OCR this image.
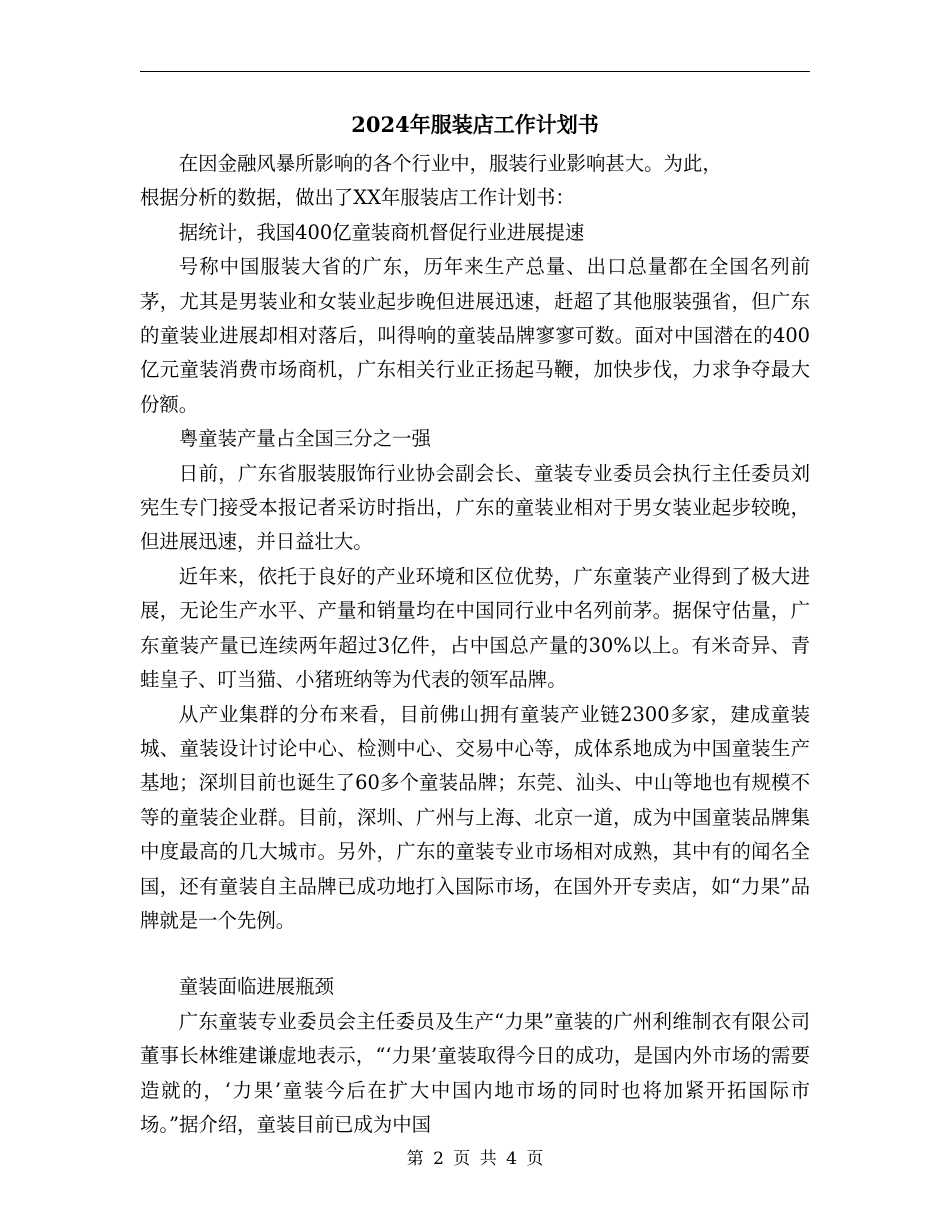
2024年服装店工作计划书

在因金融风暴所影响的各个行业中，服装行业影响甚大。为此，
根据分析的数据，做出了XX年服装店工作计划书：

据统计，我国400亿童装商机督促行业进展提速

号称中国服装大省的广东，历年来生产总量、出口总量都在全国名列前茅，尤其是男装业和女装业起步晚但进展迅速，赶超了其他服装强省，但广东的童装业进展却相对落后，叫得响的童装品牌寥寥可数。面对中国潜在的400亿元童装消费市场商机，广东相关行业正扬起马鞭，加快步伐，力求争夺最大份额。

粤童装产量占全国三分之一强

日前，广东省服装服饰行业协会副会长、童装专业委员会执行主任委员刘宪生专门接受本报记者采访时指出，广东的童装业相对于男女装业起步较晚，但进展迅速，并日益壮大。

近年来，依托于良好的产业环境和区位优势，广东童装产业得到了极大进展，无论生产水平、产量和销量均在中国同行业中名列前茅。据保守估量，广东童装产量已连续两年超过3亿件，占中国总产量的30%以上。有米奇异、青蛙皇子、叮当猫、小猪班纳等为代表的领军品牌。

从产业集群的分布来看，目前佛山拥有童装产业链2300多家，建成童装城、童装设计讨论中心、检测中心、交易中心等，成体系地成为中国童装生产基地；深圳目前也诞生了60多个童装品牌；东莞、汕头、中山等地也有规模不等的童装企业群。目前，深圳、广州与上海、北京一道，成为中国童装品牌集中度最高的几大城市。另外，广东的童装专业市场相对成熟，其中有的闻名全国，还有童装自主品牌已成功地打入国际市场，在国外开专卖店，如“力果”品牌就是一个先例。

童装面临进展瓶颈

广东童装专业委员会主任委员及生产“力果”童装的广州利维制衣有限公司董事长林维建谦虚地表示，“‘力果’童装取得今日的成功，是国内外市场的需要造就的，‘力果’童装今后在扩大中国内地市场的同时也将加紧开拓国际市场。”据介绍，童装目前已成为中国

第 2 页 共 4 页
